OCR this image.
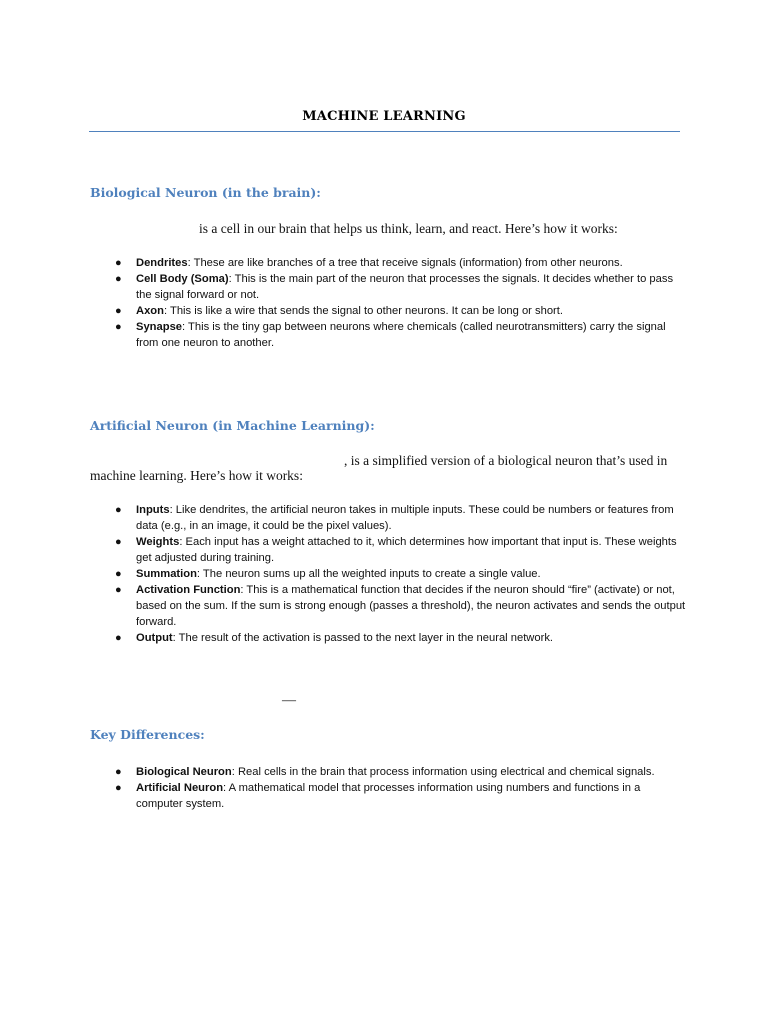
MACHINE LEARNING
Biological Neuron (in the brain):
is a cell in our brain that helps us think, learn, and react. Here’s how it works:
● Dendrites: These are like branches of a tree that receive signals (information) from other neurons.
● Cell Body (Soma): This is the main part of the neuron that processes the signals. It decides whether to pass the signal forward or not.
● Axon: This is like a wire that sends the signal to other neurons. It can be long or short.
● Synapse: This is the tiny gap between neurons where chemicals (called neurotransmitters) carry the signal from one neuron to another.
Artificial Neuron (in Machine Learning):
, is a simplified version of a biological neuron that’s used in
machine learning. Here’s how it works:
● Inputs: Like dendrites, the artificial neuron takes in multiple inputs. These could be numbers or features from data (e.g., in an image, it could be the pixel values).
● Weights: Each input has a weight attached to it, which determines how important that input is. These weights get adjusted during training.
● Summation: The neuron sums up all the weighted inputs to create a single value.
● Activation Function: This is a mathematical function that decides if the neuron should “fire” (activate) or not, based on the sum. If the sum is strong enough (passes a threshold), the neuron activates and sends the output forward.
● Output: The result of the activation is passed to the next layer in the neural network.
—
Key Differences:
● Biological Neuron: Real cells in the brain that process information using electrical and chemical signals.
● Artificial Neuron: A mathematical model that processes information using numbers and functions in a computer system.
